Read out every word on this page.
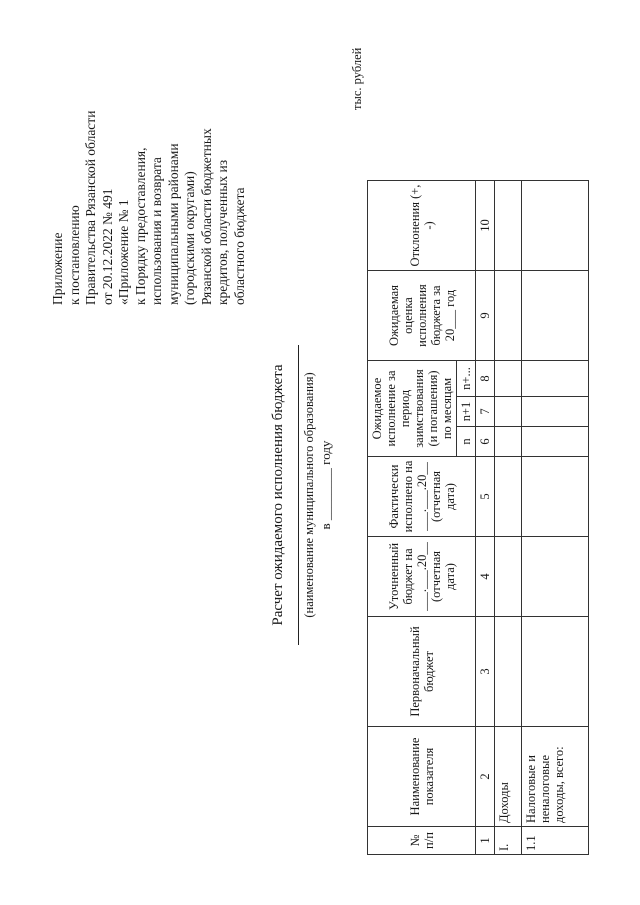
Приложение к постановлению Правительства Рязанской области от 20.12.2022 № 491 «Приложение № 1 к Порядку предоставления, использования и возврата муниципальными районами (городскими округами) Рязанской области бюджетных кредитов, полученных из областного бюджета
Расчет ожидаемого исполнения бюджета (наименование муниципального образования) в ________ году
тыс. рублей
№ п/п	Наименование показателя	Первоначальный бюджет	Уточненный бюджет на ___.___.20__ (отчетная дата)	Фактически исполнено на ___.___.20__ (отчетная дата)	Ожидаемое исполнение за период заимствования (и погашения) по месяцам			Ожидаемая оценка исполнения бюджета за 20___ год	Отклонения (+, -)
					n	n+1	n+...		
1	2	3	4	5	6	7	8	9	10
I.	Доходы								
1.1	Налоговые и неналоговые доходы, всего:								
